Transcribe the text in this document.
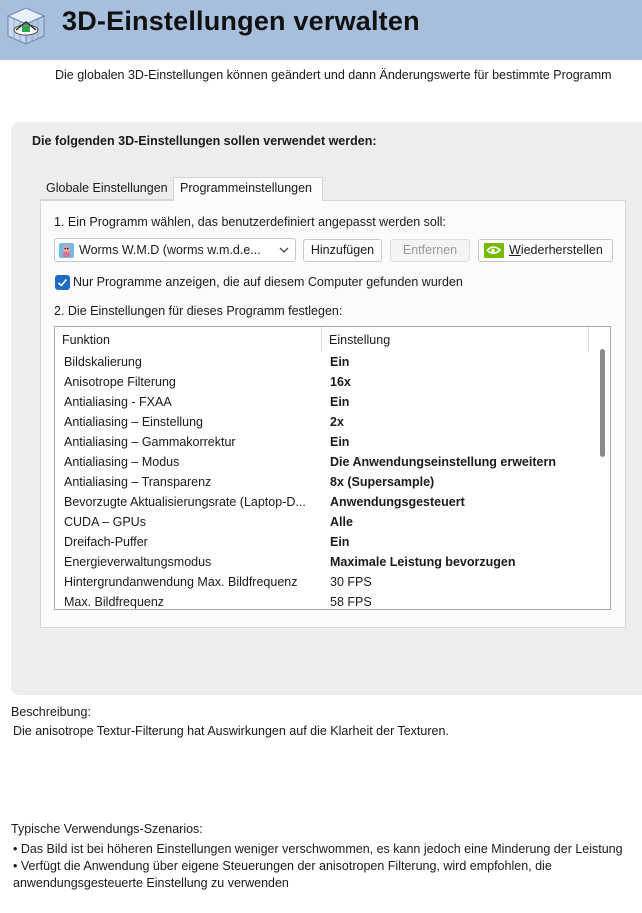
3D-Einstellungen verwalten
Die globalen 3D-Einstellungen können geändert und dann Änderungswerte für bestimmte Programm
Die folgenden 3D-Einstellungen sollen verwendet werden:
Globale Einstellungen Programmeinstellungen
1. Ein Programm wählen, das benutzerdefiniert angepasst werden soll:
Worms W.M.D (worms w.m.d.e...	Hinzufügen	Entfernen	Wiederherstellen
Nur Programme anzeigen, die auf diesem Computer gefunden wurden
2. Die Einstellungen für dieses Programm festlegen:
Funktion	Einstellung
Bildskalierung	Ein
Anisotrope Filterung	16x
Antialiasing - FXAA	Ein
Antialiasing – Einstellung	2x
Antialiasing – Gammakorrektur	Ein
Antialiasing – Modus	Die Anwendungseinstellung erweitern
Antialiasing – Transparenz	8x (Supersample)
Bevorzugte Aktualisierungsrate (Laptop-D...	Anwendungsgesteuert
CUDA – GPUs	Alle
Dreifach-Puffer	Ein
Energieverwaltungsmodus	Maximale Leistung bevorzugen
Hintergrundanwendung Max. Bildfrequenz	30 FPS
Max. Bildfrequenz	58 FPS
Beschreibung:
Die anisotrope Textur-Filterung hat Auswirkungen auf die Klarheit der Texturen.
Typische Verwendungs-Szenarios:
• Das Bild ist bei höheren Einstellungen weniger verschwommen, es kann jedoch eine Minderung der Leistung
• Verfügt die Anwendung über eigene Steuerungen der anisotropen Filterung, wird empfohlen, die
anwendungsgesteuerte Einstellung zu verwenden
